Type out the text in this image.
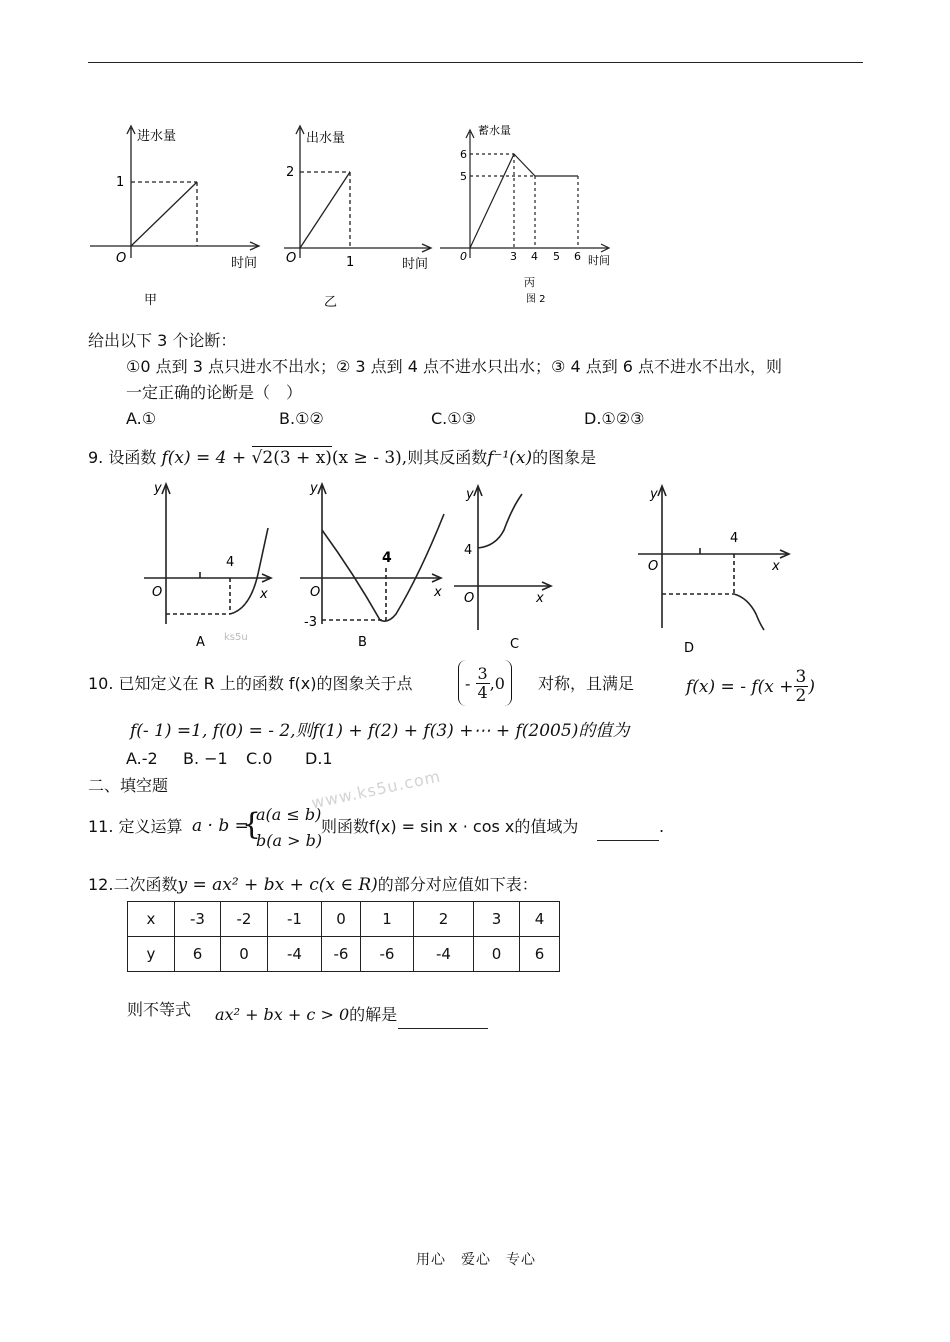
进水量
1
O	时间
甲
出水量
2
O	1	时间
乙
蓄水量
6
5
0	3 4 5 6 时间
丙
图 2
给出以下 3 个论断：
①0 点到 3 点只进水不出水；② 3 点到 4 点不进水只出水；③ 4 点到 6 点不进水不出水，则
一定正确的论断是（　）
A.①	B.①②	C.①③	D.①②③
9. 设函数 f(x) = 4 + √2(3 + x)(x ≥ - 3),则其反函数f⁻¹(x)的图象是
y
x
O
4
A ks5u
y
x
O
4
-3
B
y
x
O
4
C
y
x
O
4
D
10. 已知定义在 R 上的函数 f(x)的图象关于点	-
$\frac{3}{4} ,0$ 对称，且满足	f(x) = - $f(x + \frac{3}{2}$ )
f(- 1) =1, f(0) = - 2,则f(1) + f(2) + f(3) +⋯ + f(2005)的值为
A.-2 B. −1 C.0 D.1
二、填空题	www.ks5u.com
11. 定义运算 a · b =
{
a(a ≤ b)
b(a > b)
则函数f(x) = sin x · cos x的值域为	.
12.二次函数y = ax² + bx + c(x ∈ R)的部分对应值如下表：
x	-3	-2	-1	0	1	2	3	4
y	6	0	-4	-6	-6	-4	0	6
则不等式 ax² + bx + c > 0的解是
用心　爱心　专心
